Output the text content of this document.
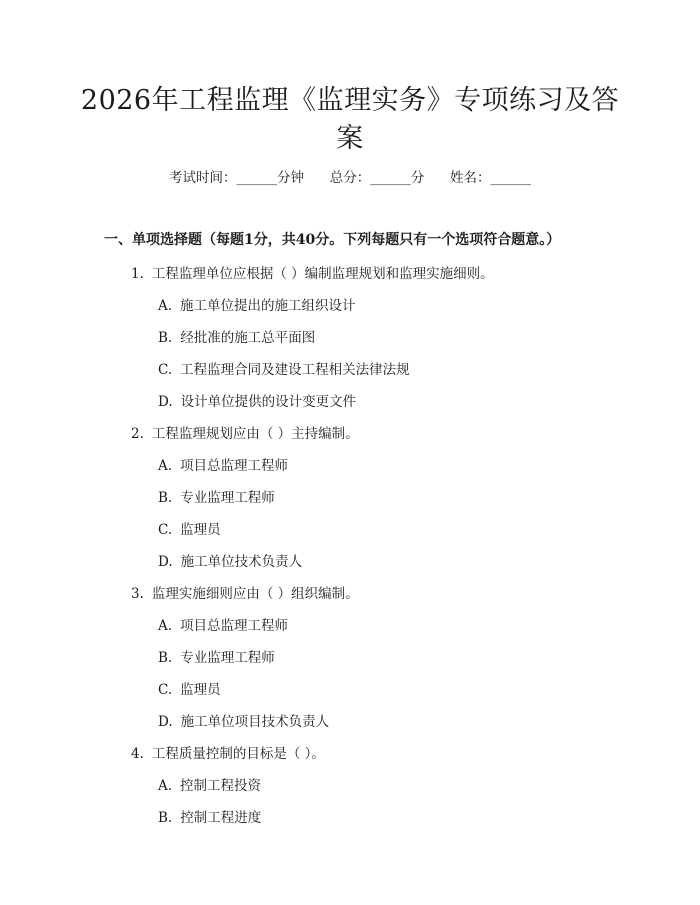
2026年工程监理《监理实务》专项练习及答案
考试时间：______分钟      总分：______分      姓名：______
一、单项选择题（每题1分，共40分。下列每题只有一个选项符合题意。）
1. 工程监理单位应根据（ ）编制监理规划和监理实施细则。
A. 施工单位提出的施工组织设计
B. 经批准的施工总平面图
C. 工程监理合同及建设工程相关法律法规
D. 设计单位提供的设计变更文件
2. 工程监理规划应由（ ）主持编制。
A. 项目总监理工程师
B. 专业监理工程师
C. 监理员
D. 施工单位技术负责人
3. 监理实施细则应由（ ）组织编制。
A. 项目总监理工程师
B. 专业监理工程师
C. 监理员
D. 施工单位项目技术负责人
4. 工程质量控制的目标是（ ）。
A. 控制工程投资
B. 控制工程进度
